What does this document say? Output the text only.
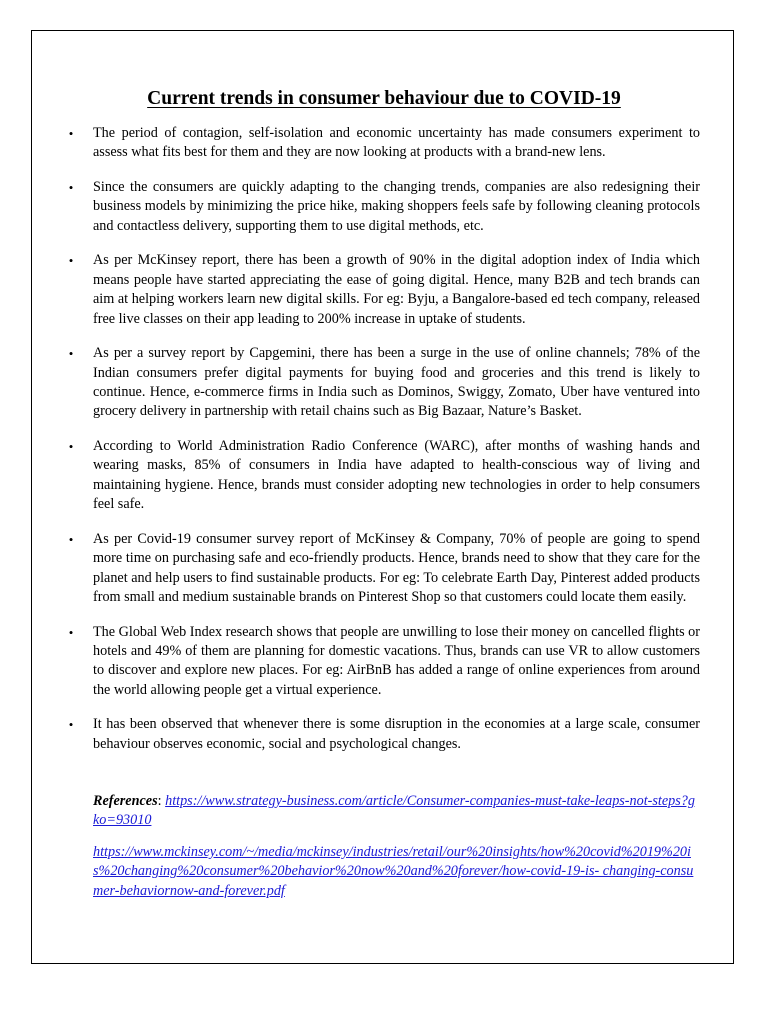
Current trends in consumer behaviour due to COVID-19
• The period of contagion, self-isolation and economic uncertainty has made consumers experiment to assess what fits best for them and they are now looking at products with a brand-new lens.
• Since the consumers are quickly adapting to the changing trends, companies are also redesigning their business models by minimizing the price hike, making shoppers feels safe by following cleaning protocols and contactless delivery, supporting them to use digital methods, etc.
• As per McKinsey report, there has been a growth of 90% in the digital adoption index of India which means people have started appreciating the ease of going digital. Hence, many B2B and tech brands can aim at helping workers learn new digital skills. For eg: Byju, a Bangalore-based ed tech company, released free live classes on their app leading to 200% increase in uptake of students.
• As per a survey report by Capgemini, there has been a surge in the use of online channels; 78% of the Indian consumers prefer digital payments for buying food and groceries and this trend is likely to continue. Hence, e-commerce firms in India such as Dominos, Swiggy, Zomato, Uber have ventured into grocery delivery in partnership with retail chains such as Big Bazaar, Nature’s Basket.
• According to World Administration Radio Conference (WARC), after months of washing hands and wearing masks, 85% of consumers in India have adapted to health-conscious way of living and maintaining hygiene. Hence, brands must consider adopting new technologies in order to help consumers feel safe.
• As per Covid-19 consumer survey report of McKinsey & Company, 70% of people are going to spend more time on purchasing safe and eco-friendly products. Hence, brands need to show that they care for the planet and help users to find sustainable products. For eg: To celebrate Earth Day, Pinterest added products from small and medium sustainable brands on Pinterest Shop so that customers could locate them easily.
• The Global Web Index research shows that people are unwilling to lose their money on cancelled flights or hotels and 49% of them are planning for domestic vacations. Thus, brands can use VR to allow customers to discover and explore new places. For eg: AirBnB has added a range of online experiences from around the world allowing people get a virtual experience.
• It has been observed that whenever there is some disruption in the economies at a large scale, consumer behaviour observes economic, social and psychological changes.

References: https://www.strategy-business.com/article/Consumer-companies-must-take-leaps-not-steps?gko=93010

https://www.mckinsey.com/~/media/mckinsey/industries/retail/our%20insights/how%20covid%2019%20is%20changing%20consumer%20behavior%20now%20and%20forever/how-covid-19-is- changing-consumer-behaviornow-and-forever.pdf
